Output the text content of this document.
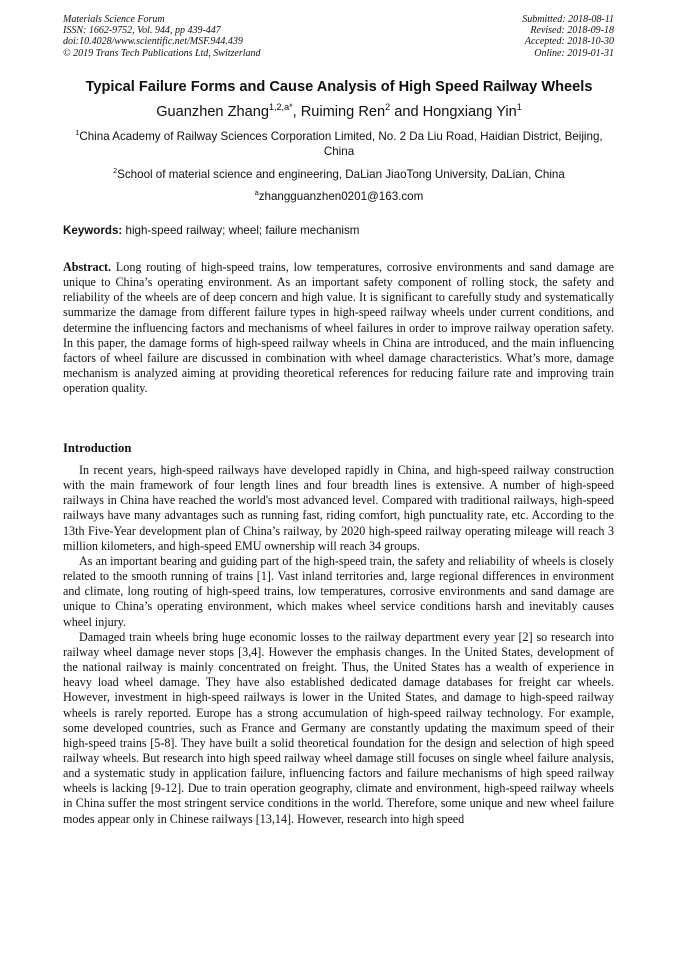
Materials Science Forum
ISSN: 1662-9752, Vol. 944, pp 439-447
doi:10.4028/www.scientific.net/MSF.944.439
© 2019 Trans Tech Publications Ltd, Switzerland
Submitted: 2018-08-11
Revised: 2018-09-18
Accepted: 2018-10-30
Online: 2019-01-31
Typical Failure Forms and Cause Analysis of High Speed Railway Wheels
Guanzhen Zhang$^{1,2,a*}$, Ruiming Ren$^2$ and Hongxiang Yin$^1$
$^1$China Academy of Railway Sciences Corporation Limited, No. 2 Da Liu Road, Haidian District, Beijing, China
$^2$School of material science and engineering, DaLian JiaoTong University, DaLian, China
$^a$zhangguanzhen0201@163.com
Keywords: high-speed railway; wheel; failure mechanism

Abstract. Long routing of high-speed trains, low temperatures, corrosive environments and sand damage are unique to China’s operating environment. As an important safety component of rolling stock, the safety and reliability of the wheels are of deep concern and high value. It is significant to carefully study and systematically summarize the damage from different failure types in high-speed railway wheels under current conditions, and determine the influencing factors and mechanisms of wheel failures in order to improve railway operation safety. In this paper, the damage forms of high-speed railway wheels in China are introduced, and the main influencing factors of wheel failure are discussed in combination with wheel damage characteristics. What’s more, damage mechanism is analyzed aiming at providing theoretical references for reducing failure rate and improving train operation quality.

Introduction

In recent years, high-speed railways have developed rapidly in China, and high-speed railway construction with the main framework of four length lines and four breadth lines is extensive. A number of high-speed railways in China have reached the world's most advanced level. Compared with traditional railways, high-speed railways have many advantages such as running fast, riding comfort, high punctuality rate, etc. According to the 13th Five-Year development plan of China’s railway, by 2020 high-speed railway operating mileage will reach 3 million kilometers, and high-speed EMU ownership will reach 34 groups.

As an important bearing and guiding part of the high-speed train, the safety and reliability of wheels is closely related to the smooth running of trains [1]. Vast inland territories and, large regional differences in environment and climate, long routing of high-speed trains, low temperatures, corrosive environments and sand damage are unique to China’s operating environment, which makes wheel service conditions harsh and inevitably causes wheel injury.

Damaged train wheels bring huge economic losses to the railway department every year [2] so research into railway wheel damage never stops [3,4]. However the emphasis changes. In the United States, development of the national railway is mainly concentrated on freight. Thus, the United States has a wealth of experience in heavy load wheel damage. They have also established dedicated damage databases for freight car wheels. However, investment in high-speed railways is lower in the United States, and damage to high-speed railway wheels is rarely reported. Europe has a strong accumulation of high-speed railway technology. For example, some developed countries, such as France and Germany are constantly updating the maximum speed of their high-speed trains [5-8]. They have built a solid theoretical foundation for the design and selection of high speed railway wheels. But research into high speed railway wheel damage still focuses on single wheel failure analysis, and a systematic study in application failure, influencing factors and failure mechanisms of high speed railway wheels is lacking [9-12]. Due to train operation geography, climate and environment, high-speed railway wheels in China suffer the most stringent service conditions in the world. Therefore, some unique and new wheel failure modes appear only in Chinese railways [13,14]. However, research into high speed
